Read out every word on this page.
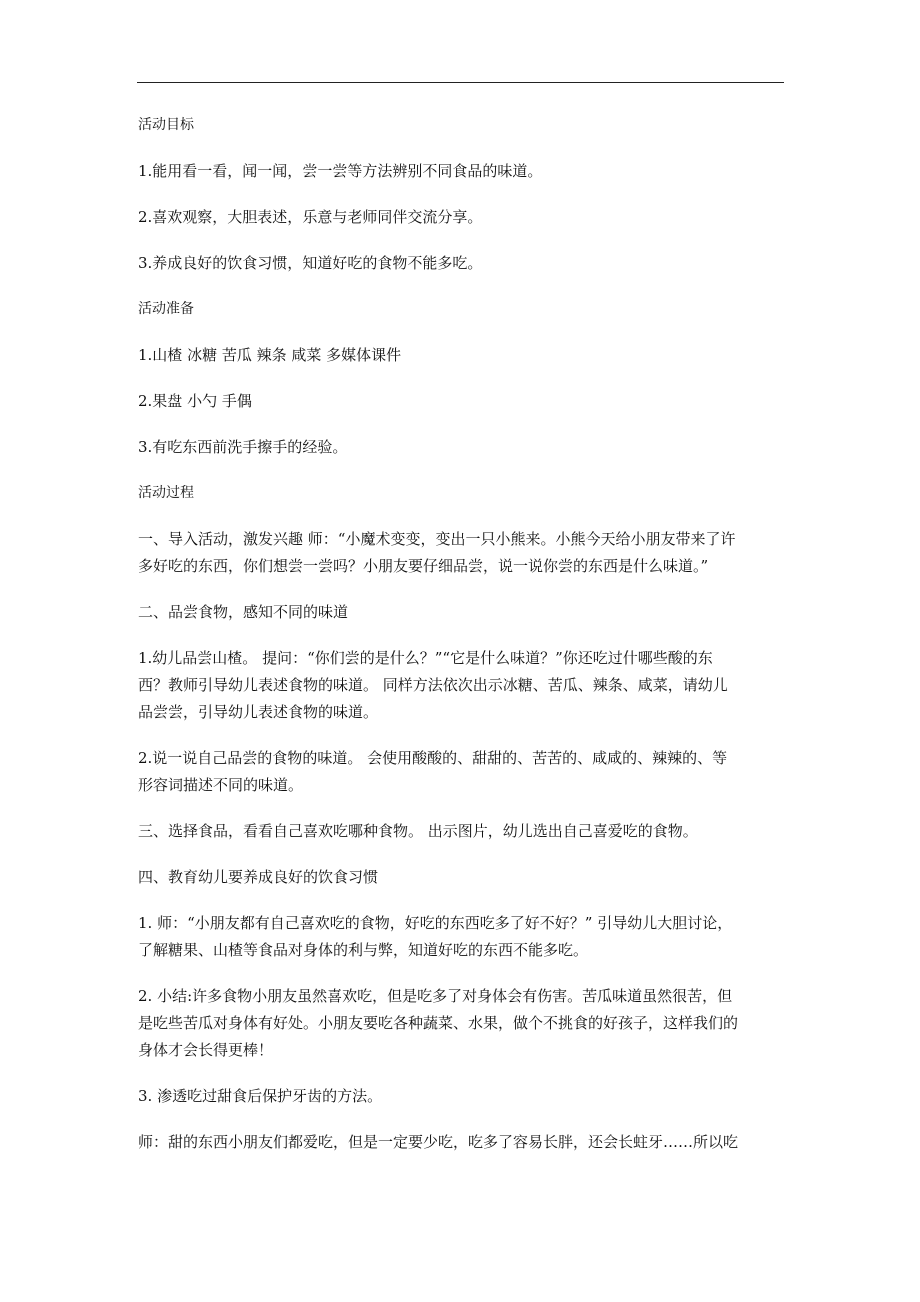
活动目标

1.能用看一看，闻一闻，尝一尝等方法辨别不同食品的味道。

2.喜欢观察，大胆表述，乐意与老师同伴交流分享。

3.养成良好的饮食习惯，知道好吃的食物不能多吃。

活动准备

1.山楂 冰糖 苦瓜 辣条 咸菜 多媒体课件

2.果盘 小勺 手偶

3.有吃东西前洗手擦手的经验。

活动过程

一、导入活动，激发兴趣 师：“小魔术变变，变出一只小熊来。小熊今天给小朋友带来了许
多好吃的东西，你们想尝一尝吗？小朋友要仔细品尝，说一说你尝的东西是什么味道。”

二、品尝食物，感知不同的味道

1.幼儿品尝山楂。 提问：“你们尝的是什么？”“它是什么味道？”你还吃过什哪些酸的东
西？教师引导幼儿表述食物的味道。 同样方法依次出示冰糖、苦瓜、辣条、咸菜，请幼儿
品尝尝，引导幼儿表述食物的味道。

2.说一说自己品尝的食物的味道。 会使用酸酸的、甜甜的、苦苦的、咸咸的、辣辣的、等
形容词描述不同的味道。

三、选择食品，看看自己喜欢吃哪种食物。 出示图片，幼儿选出自己喜爱吃的食物。

四、教育幼儿要养成良好的饮食习惯

1. 师：“小朋友都有自己喜欢吃的食物，好吃的东西吃多了好不好？” 引导幼儿大胆讨论，
了解糖果、山楂等食品对身体的利与弊，知道好吃的东西不能多吃。

2. 小结:许多食物小朋友虽然喜欢吃，但是吃多了对身体会有伤害。苦瓜味道虽然很苦，但
是吃些苦瓜对身体有好处。小朋友要吃各种蔬菜、水果，做个不挑食的好孩子，这样我们的
身体才会长得更棒！

3. 渗透吃过甜食后保护牙齿的方法。

师：甜的东西小朋友们都爱吃，但是一定要少吃，吃多了容易长胖，还会长蛀牙……所以吃
